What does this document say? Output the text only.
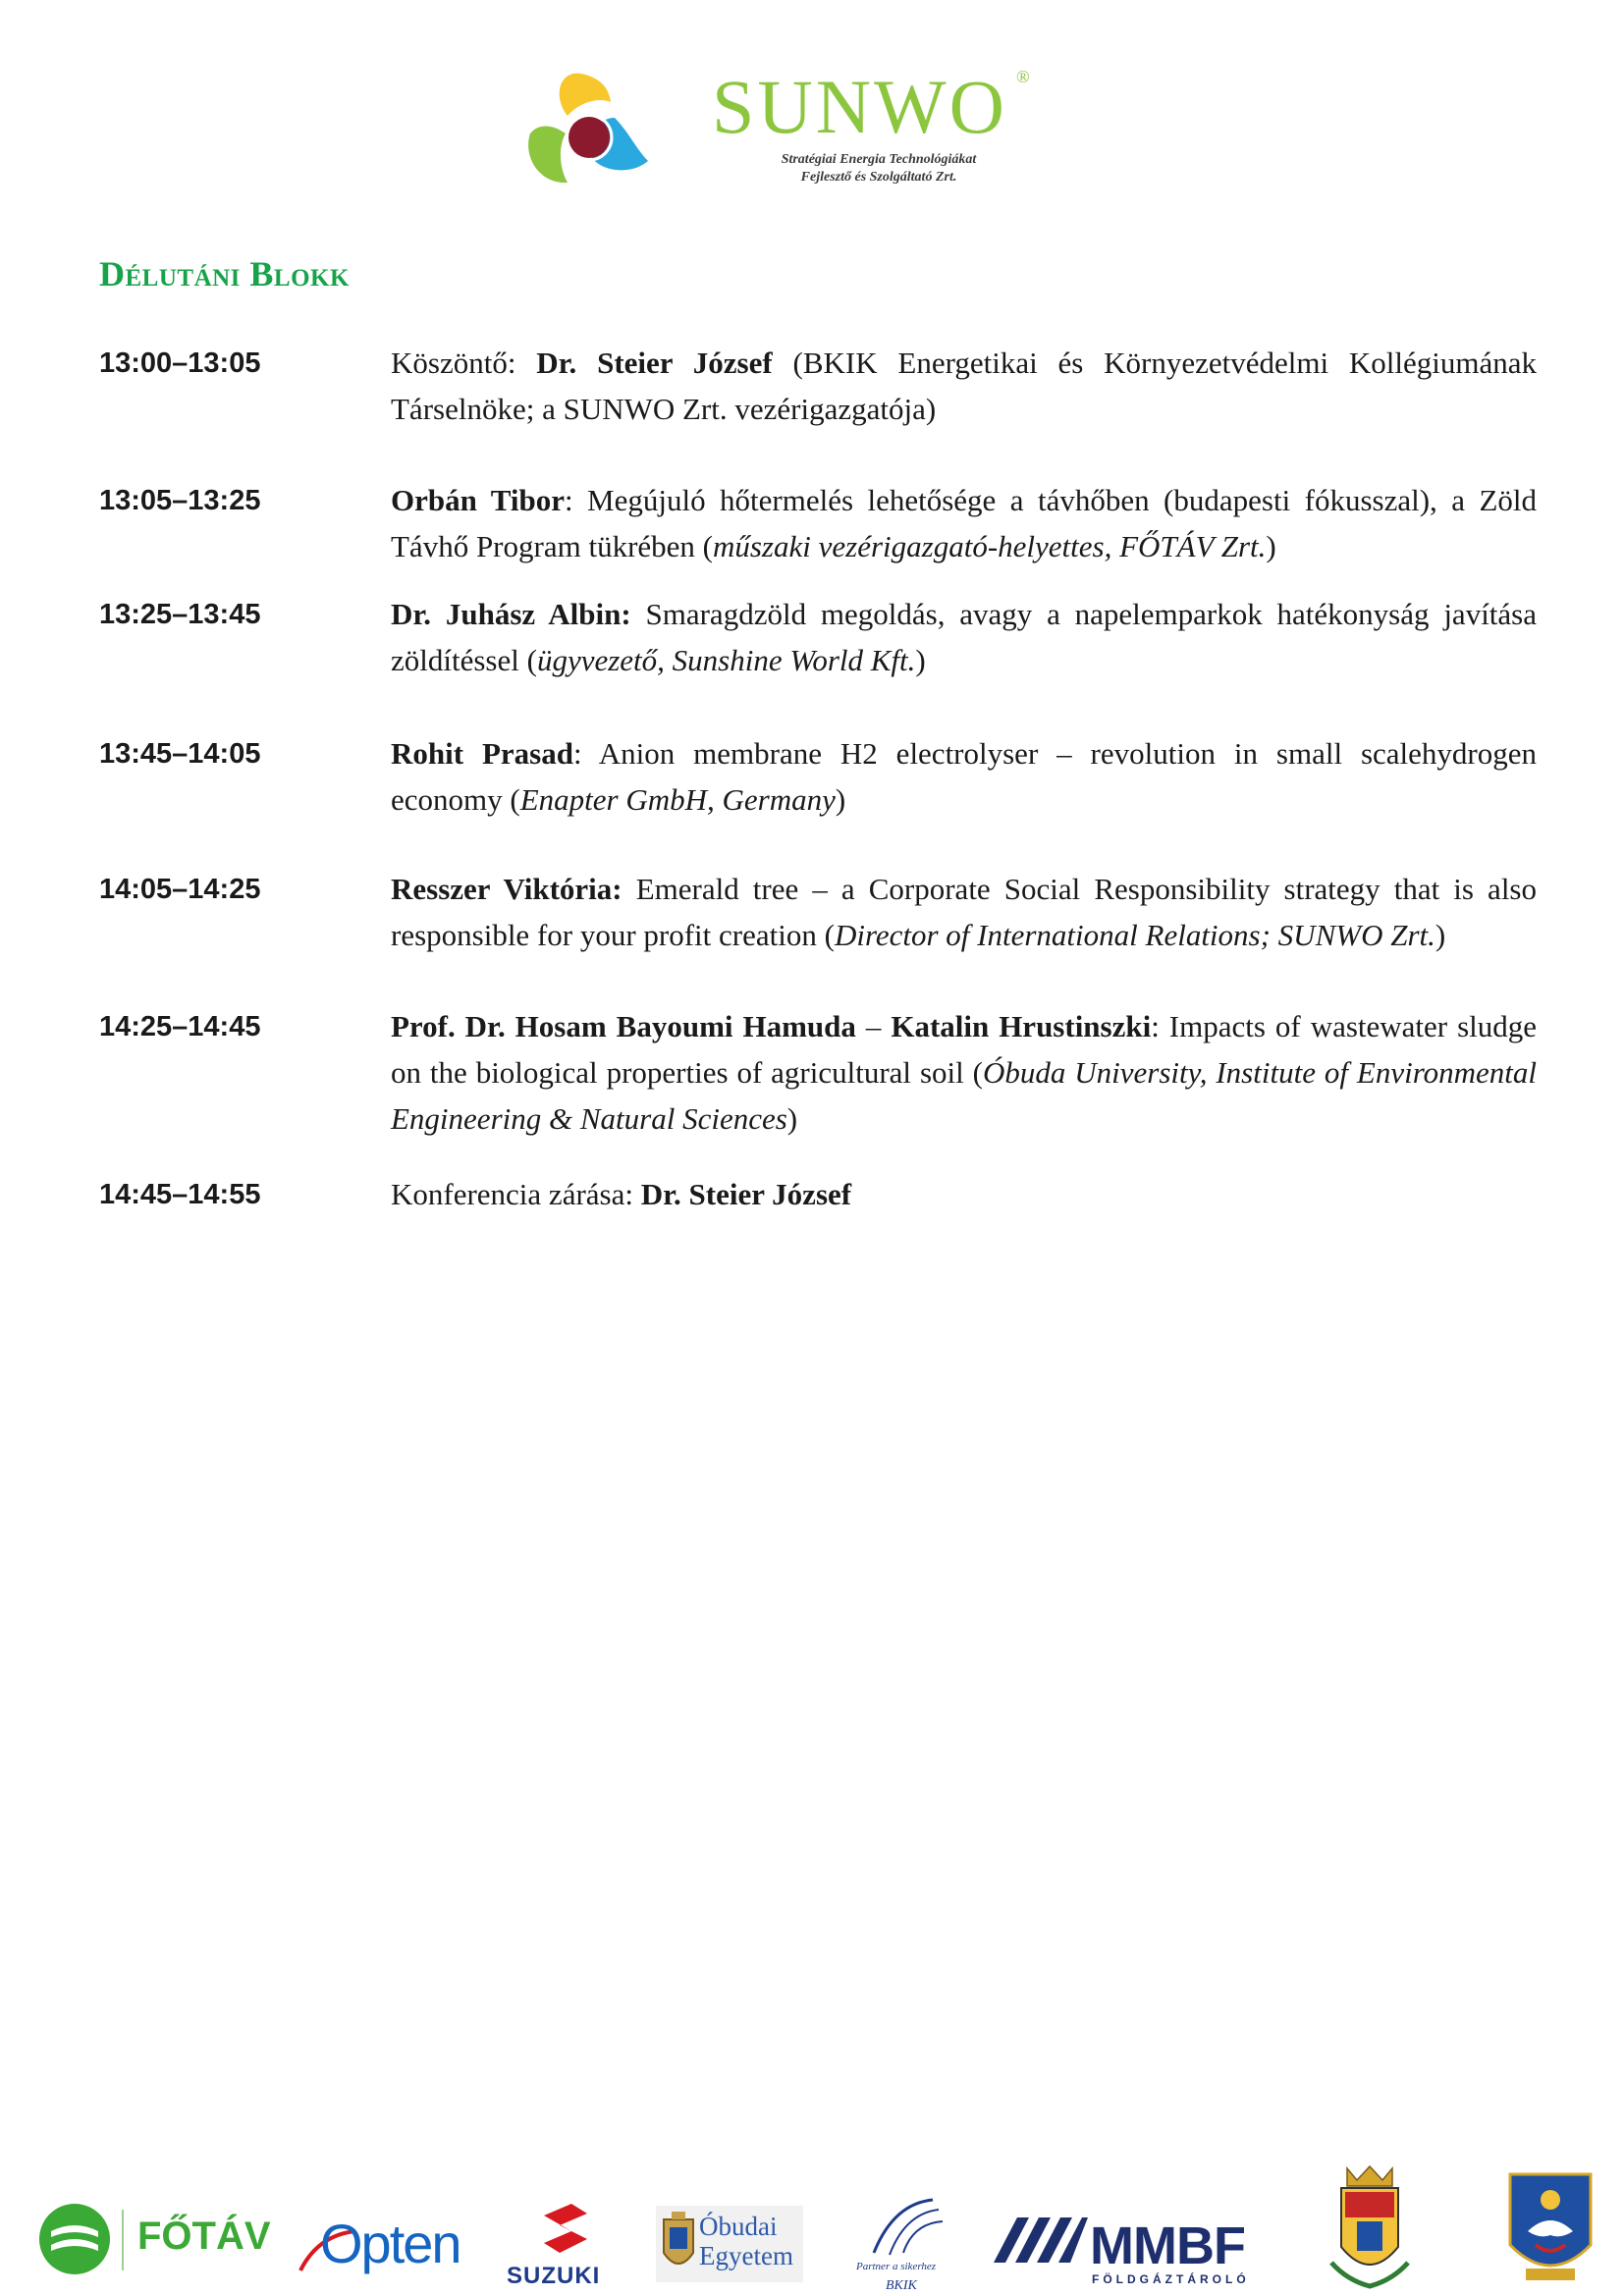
SUNWO ®
Stratégiai Energia Technológiákat
Fejlesztő és Szolgáltató Zrt.
Délutáni Blokk
13:00–13:05	Köszöntő: Dr. Steier József (BKIK Energetikai és Környezetvédelmi Kollégiumának Társelnöke; a SUNWO Zrt. vezérigazgatója)
13:05–13:25	Orbán Tibor: Megújuló hőtermelés lehetősége a távhőben (budapesti fókusszal), a Zöld Távhő Program tükrében (műszaki vezérigazgató-helyettes, FŐTÁV Zrt.)
13:25–13:45	Dr. Juhász Albin: Smaragdzöld megoldás, avagy a napelemparkok hatékonyság javítása zöldítéssel (ügyvezető, Sunshine World Kft.)
13:45–14:05	Rohit Prasad: Anion membrane H2 electrolyser – revolution in small scalehydrogen economy (Enapter GmbH, Germany)
14:05–14:25	Resszer Viktória: Emerald tree – a Corporate Social Responsibility strategy that is also responsible for your profit creation (Director of International Relations; SUNWO Zrt.)
14:25–14:45	Prof. Dr. Hosam Bayoumi Hamuda – Katalin Hrustinszki: Impacts of wastewater sludge on the biological properties of agricultural soil (Óbuda University, Institute of Environmental Engineering & Natural Sciences)
14:45–14:55	Konferencia zárása: Dr. Steier József
FŐTÁV Opten
SUZUKI
Óbudai
Egyetem	Partner a sikerhez
BKIK
MMBF
FÖLDGÁZTÁROLÓ
